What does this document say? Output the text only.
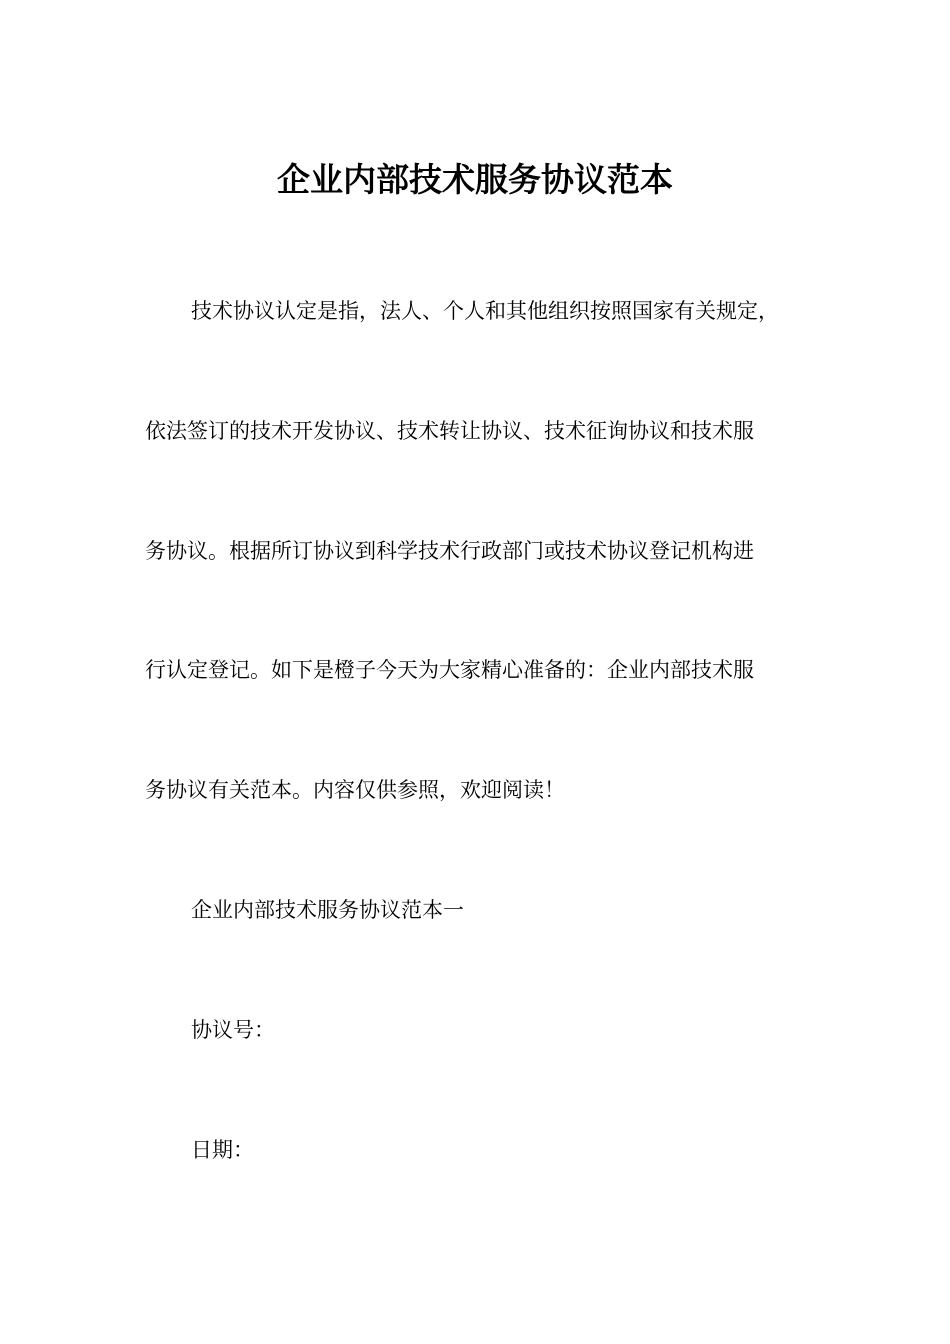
企业内部技术服务协议范本

技术协议认定是指，法人、个人和其他组织按照国家有关规定，

依法签订的技术开发协议、技术转让协议、技术征询协议和技术服

务协议。根据所订协议到科学技术行政部门或技术协议登记机构进

行认定登记。如下是橙子今天为大家精心准备的：企业内部技术服

务协议有关范本。内容仅供参照，欢迎阅读！

企业内部技术服务协议范本一

协议号：

日期：
